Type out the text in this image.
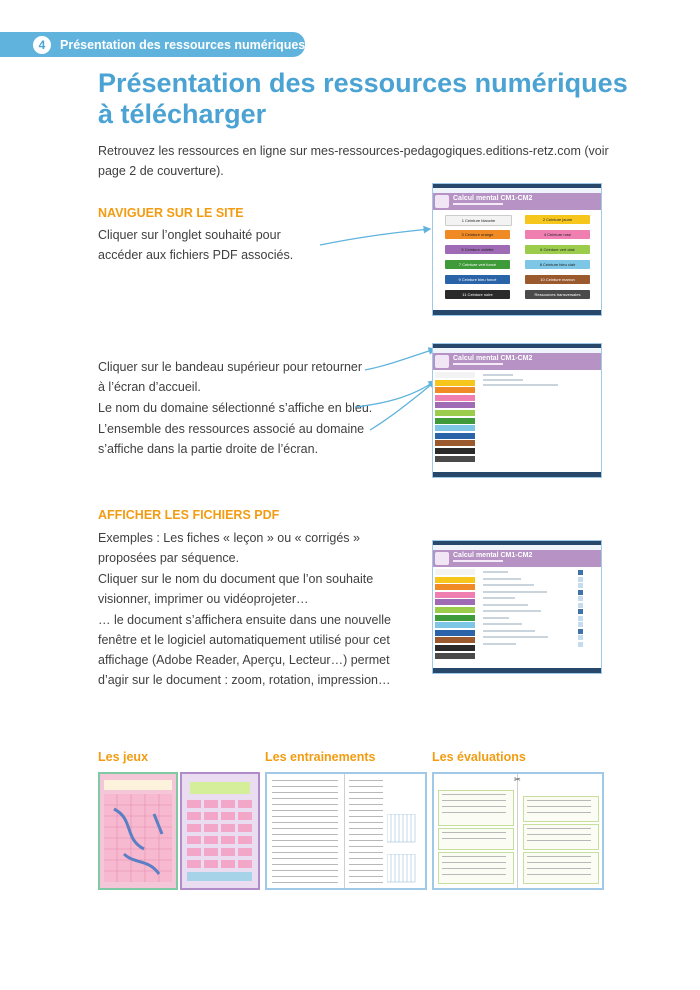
4	Présentation des ressources numériques
Présentation des ressources numériques
à télécharger
Retrouvez les ressources en ligne sur mes-ressources-pedagogiques.editions-retz.com (voir page 2 de couverture).
NAVIGUER SUR LE SITE
Cliquer sur l’onglet souhaité pour accéder aux fichiers PDF associés.
Cliquer sur le bandeau supérieur pour retourner à l’écran d’accueil.
Le nom du domaine sélectionné s’affiche en bleu.
L’ensemble des ressources associé au domaine s’affiche dans la partie droite de l’écran.
AFFICHER LES FICHIERS PDF
Exemples : Les fiches « leçon » ou « corrigés » proposées par séquence.
Cliquer sur le nom du document que l’on souhaite visionner, imprimer ou vidéoprojeter…
… le document s’affichera ensuite dans une nouvelle fenêtre et le logiciel automatiquement utilisé pour cet affichage (Adobe Reader, Aperçu, Lecteur…) permet d’agir sur le document : zoom, rotation, impression…
Calcul mental CM1-CM2
1 Ceinture blanche	2 Ceinture jaune
3 Ceinture orange	4 Ceinture rose
5 Ceinture violette	6 Ceinture vert clair
7 Ceinture vert foncé	8 Ceinture bleu clair
9 Ceinture bleu foncé	10 Ceinture marron
11 Ceinture noire	Ressources transversales
Calcul mental CM1-CM2
Calcul mental CM1-CM2
Les jeux	Les entrainements	Les évaluations
✂
